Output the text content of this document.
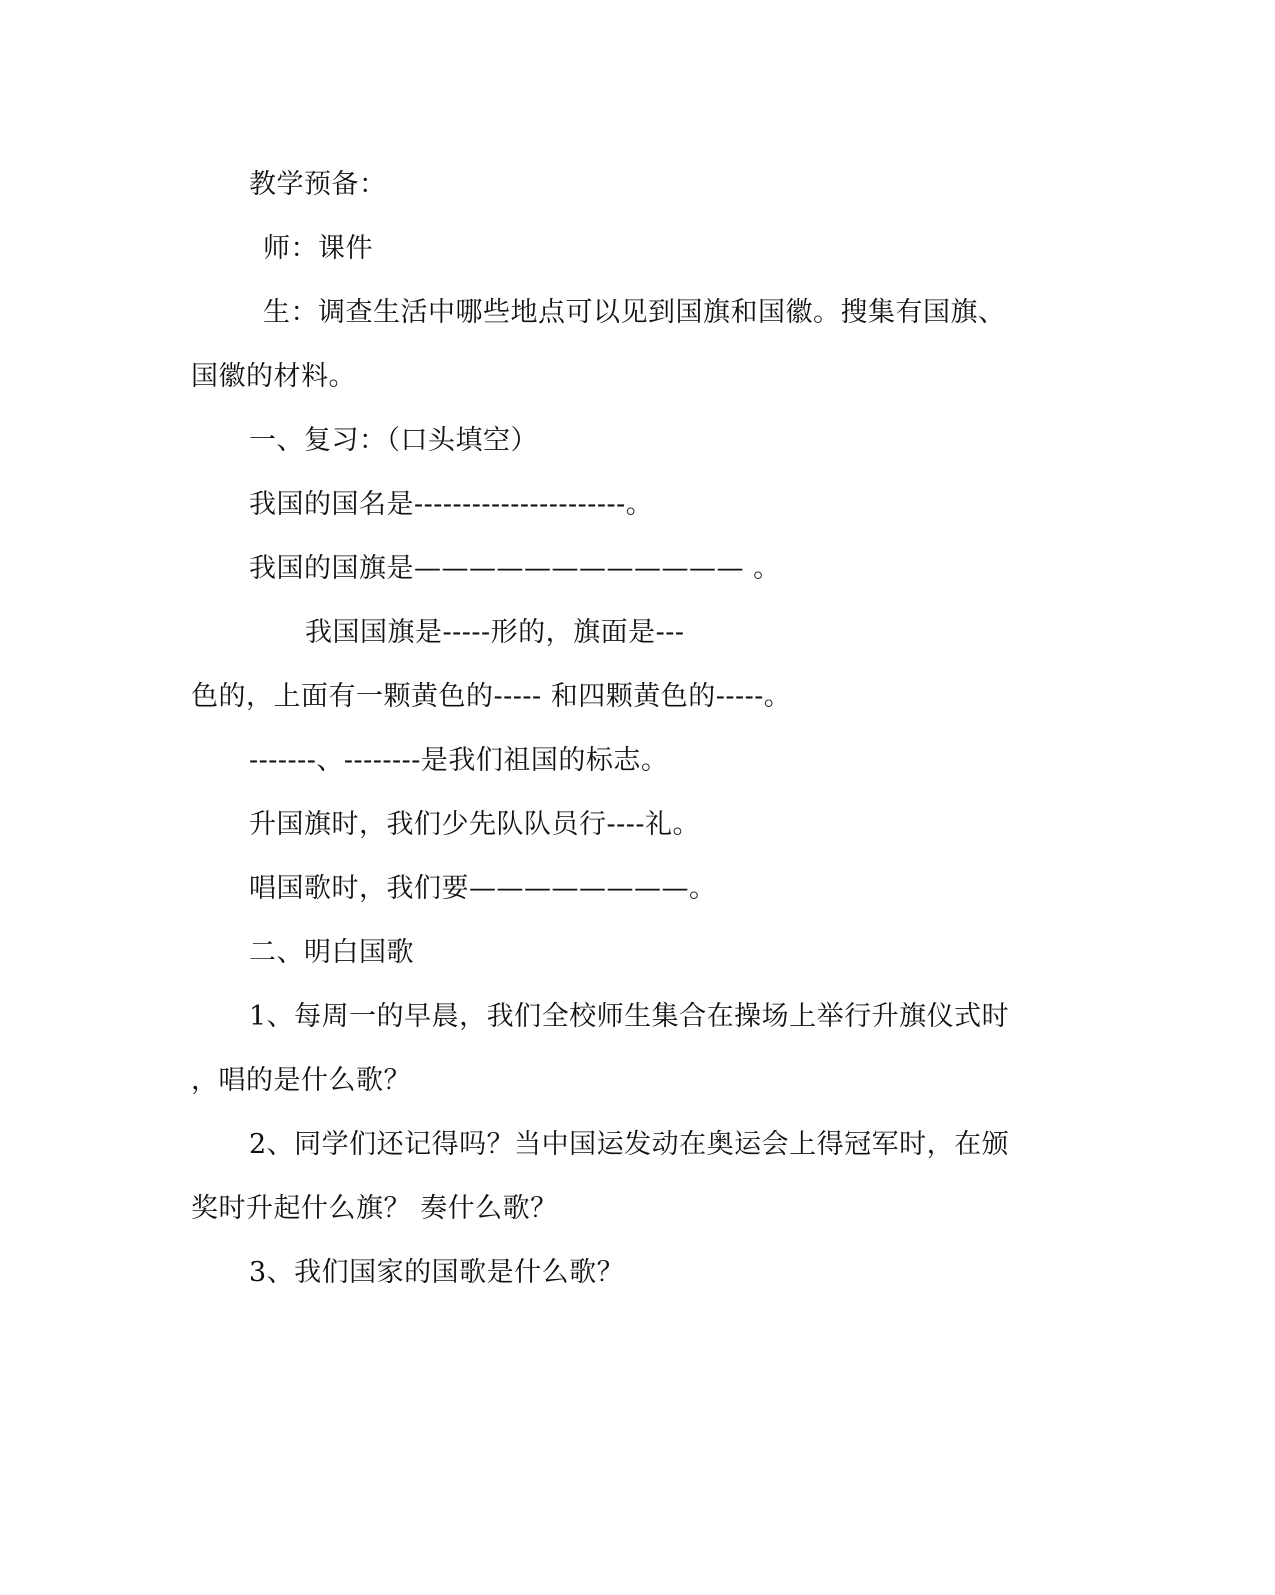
教学预备：
师：课件
生：调查生活中哪些地点可以见到国旗和国徽。搜集有国旗、
国徽的材料。
一、复习：（口头填空）
我国的国名是----------------------。
我国的国旗是———————————— 。
我国国旗是-----形的，旗面是---
色的，上面有一颗黄色的----- 和四颗黄色的-----。
-------、--------是我们祖国的标志。
升国旗时，我们少先队队员行----礼。
唱国歌时，我们要————————。
二、明白国歌
1、每周一的早晨，我们全校师生集合在操场上举行升旗仪式时
，唱的是什么歌？
2、同学们还记得吗？当中国运发动在奥运会上得冠军时，在颁
奖时升起什么旗？ 奏什么歌？
3、我们国家的国歌是什么歌？
